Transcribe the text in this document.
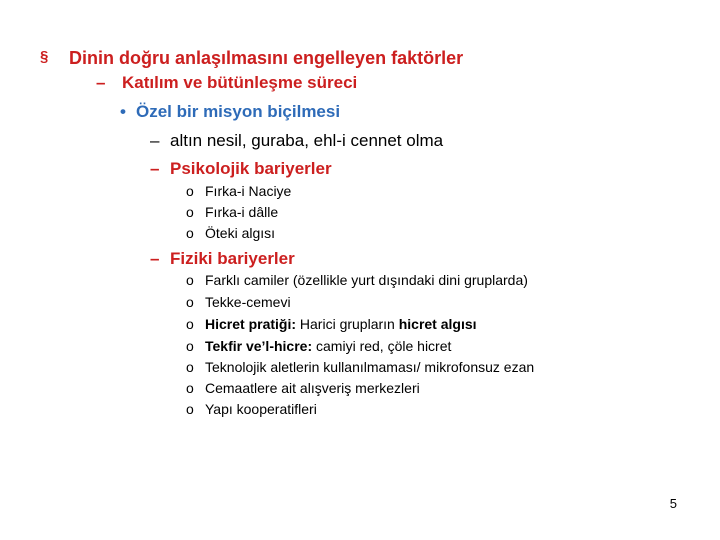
§ Dinin doğru anlaşılmasını engelleyen faktörler
– Katılım ve bütünleşme süreci
• Özel bir misyon biçilmesi
– altın nesil, guraba, ehl-i cennet olma
– Psikolojik bariyerler
o Fırka-i Naciye
o Fırka-i dâlle
o Öteki algısı
– Fiziki bariyerler
o Farklı camiler (özellikle yurt dışındaki dini gruplarda)
o Tekke-cemevi
o Hicret pratiği: Harici grupların hicret algısı
o Tekfir ve’l-hicre: camiyi red, çöle hicret
o Teknolojik aletlerin kullanılmaması/ mikrofonsuz ezan
o Cemaatlere ait alışveriş merkezleri
o Yapı kooperatifleri
5
